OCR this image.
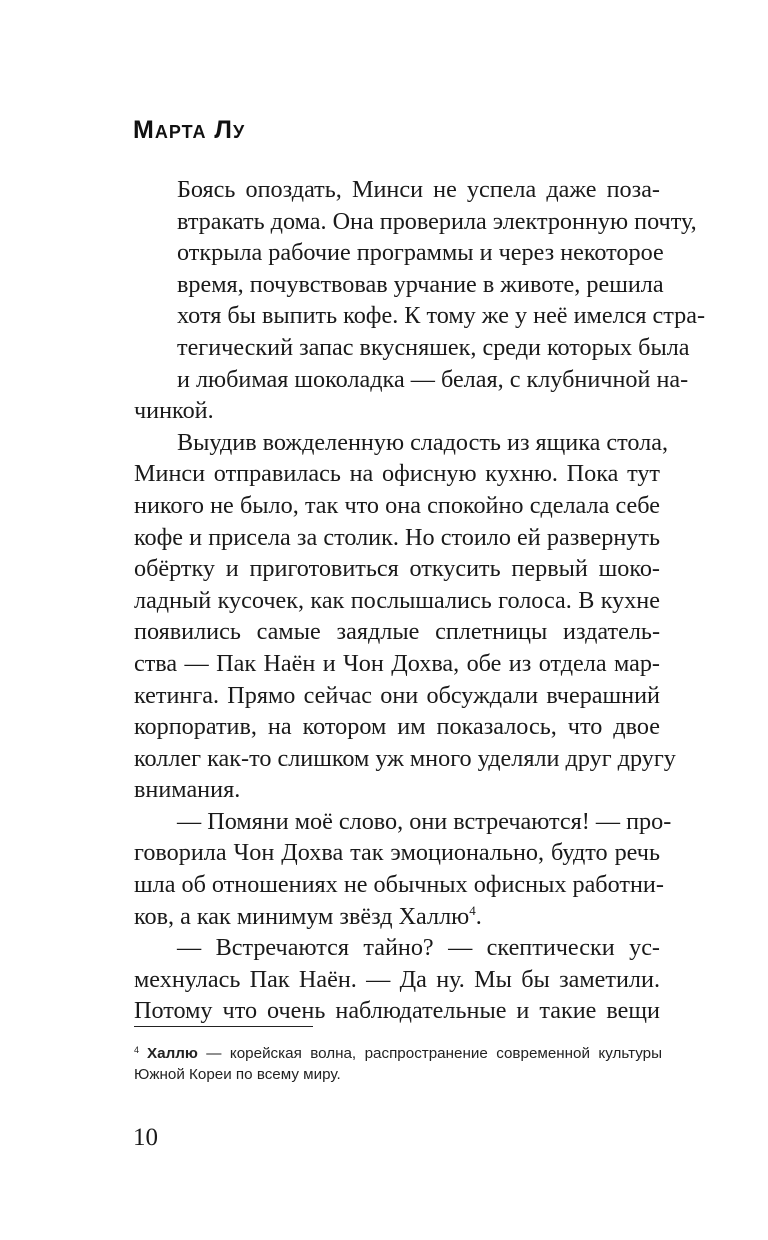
Марта Лу

Боясь опоздать, Минси не успела даже поза-
втракать дома. Она проверила электронную почту,
открыла рабочие программы и через некоторое
время, почувствовав урчание в животе, решила
хотя бы выпить кофе. К тому же у неё имелся стра-
тегический запас вкусняшек, среди которых была
и любимая шоколадка — белая, с клубничной на-
чинкой.

Выудив вожделенную сладость из ящика стола,
Минси отправилась на офисную кухню. Пока тут
никого не было, так что она спокойно сделала себе
кофе и присела за столик. Но стоило ей развернуть
обёртку и приготовиться откусить первый шоко-
ладный кусочек, как послышались голоса. В кухне
появились самые заядлые сплетницы издатель-
ства — Пак Наён и Чон Дохва, обе из отдела мар-
кетинга. Прямо сейчас они обсуждали вчерашний
корпоратив, на котором им показалось, что двое
коллег как-то слишком уж много уделяли друг другу
внимания.

— Помяни моё слово, они встречаются! — про-
говорила Чон Дохва так эмоционально, будто речь
шла об отношениях не обычных офисных работни-
ков, а как минимум звёзд Халлю$^4$.

— Встречаются тайно? — скептически ус-
мехнулась Пак Наён. — Да ну. Мы бы заметили.
Потому что очень наблюдательные и такие вещи

$^4$ Халлю — корейская волна, распространение современной культуры Южной Кореи по всему миру.
10
